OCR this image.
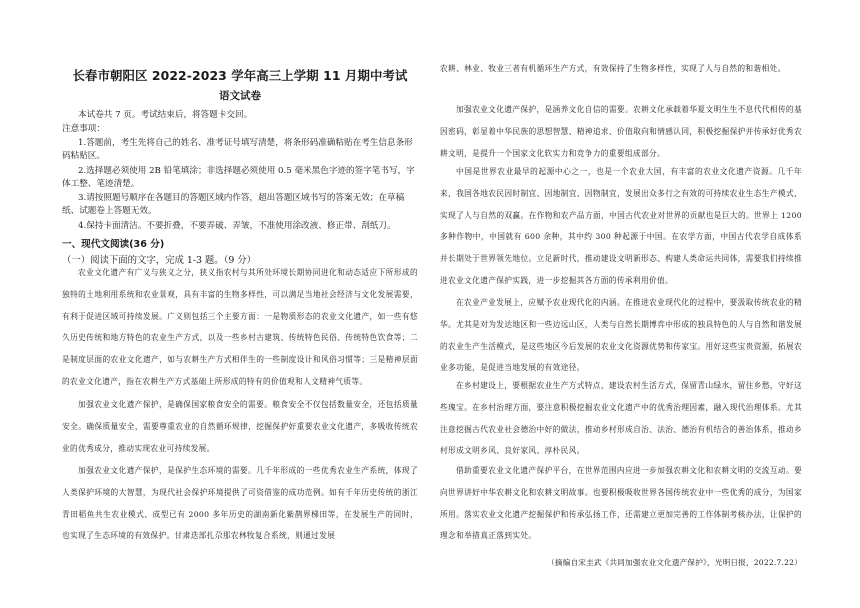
长春市朝阳区 2022-2023 学年高三上学期 11 月期中考试
语文试卷
本试卷共 7 页。考试结束后，将答题卡交回。
注意事项：
1.答题前，考生先将自己的姓名、准考证号填写清楚，将条形码准确粘贴在考生信息条形码粘贴区。
2.选择题必须使用 2B 铅笔填涂；非选择题必须使用 0.5 毫米黑色字迹的签字笔书写，字体工整、笔迹清楚。
3.请按照题号顺序在各题目的答题区域内作答，超出答题区域书写的答案无效；在草稿纸、试题卷上答题无效。
4.保持卡面清洁。不要折叠，不要弄破、弄皱，不准使用涂改液、修正带、刮纸刀。
一、现代文阅读(36 分)
（一）阅读下面的文字，完成 1-3 题。（9 分）
农业文化遗产有广义与狭义之分，狭义指农村与其所处环境长期协同进化和动态适应下所形成的独特的土地利用系统和农业景观，具有丰富的生物多样性，可以满足当地社会经济与文化发展需要，有利于促进区域可持续发展。广义则包括三个主要方面：一是物质形态的农业文化遗产，如一些有悠久历史传统和地方特色的农业生产方式，以及一些乡村古建筑、传统特色民俗、传统特色饮食等；二是制度层面的农业文化遗产，如与农耕生产方式相伴生的一些制度设计和风俗习惯等；三是精神层面的农业文化遗产，指在农耕生产方式基础上所形成的特有的价值观和人文精神气质等。
加强农业文化遗产保护，是确保国家粮食安全的需要。粮食安全不仅包括数量安全，还包括质量安全。确保质量安全，需要尊重农业的自然循环规律，挖掘保护好重要农业文化遗产，多吸收传统农业的优秀成分，推动实现农业可持续发展。
加强农业文化遗产保护，是保护生态环境的需要。几千年形成的一些优秀农业生产系统，体现了人类保护环境的大智慧，为现代社会保护环境提供了可资借鉴的成功范例。如有千年历史传统的浙江青田稻鱼共生农业模式、成型已有 2000 多年历史的湖南新化紫鹊界梯田等，在发展生产的同时，也实现了生态环境的有效保护。甘肃迭部扎尕那农林牧复合系统，则通过发展
农耕、林业、牧业三者有机循环生产方式，有效保持了生物多样性，实现了人与自然的和谐相处。
加强农业文化遗产保护，是涵养文化自信的需要。农耕文化承载着华夏文明生生不息代代相传的基因密码，彰显着中华民族的思想智慧、精神追求、价值取向和情感认同，积极挖掘保护并传承好优秀农耕文明，是提升一个国家文化软实力和竞争力的重要组成部分。
中国是世界农业最早的起源中心之一，也是一个农业大国，有丰富的农业文化遗产资源。几千年来，我国各地农民因时制宜、因地制宜、因物制宜，发展出众多行之有效的可持续农业生态生产模式，实现了人与自然的双赢。在作物和农产品方面，中国古代农业对世界的贡献也是巨大的。世界上 1200 多种作物中，中国就有 600 余种，其中约 300 种起源于中国。在农学方面，中国古代农学自成体系并长期处于世界领先地位。立足新时代，推动建设文明新形态、构建人类命运共同体，需要我们持续推进农业文化遗产保护实践，进一步挖掘其各方面的传承利用价值。
在农业产业发展上，应赋予农业现代化的内涵。在推进农业现代化的过程中，要汲取传统农业的精华。尤其是对为发达地区和一些边远山区，人类与自然长期博弈中形成的独具特色的人与自然和谐发展的农业生产生活模式，是这些地区今后发展的农业文化资源优势和传家宝。用好这些宝贵资源，拓展农业多功能，是促进当地发展的有效途径。
在乡村建设上，要根据农业生产方式特点，建设农村生活方式，保留青山绿水，留住乡愁，守好这些瑰宝。在乡村治理方面，要注意积极挖掘农业文化遗产中的优秀治理因素，融入现代治理体系。尤其注意挖掘古代农业社会德治中好的做法，推动乡村形成自治、法治、德治有机结合的善治体系，推动乡村形成文明乡风、良好家风、淳朴民风。
借助重要农业文化遗产保护平台，在世界范围内应进一步加强农耕文化和农耕文明的交流互动。要向世界讲好中华农耕文化和农耕文明故事。也要积极吸收世界各国传统农业中一些优秀的成分，为国家所用。落实农业文化遗产挖掘保护和传承弘扬工作，还需建立更加完善的工作体制考核办法，让保护的理念和举措真正落到实处。
（摘编自宋圭武《共同加强农业文化遗产保护》，光明日报，2022.7.22）
